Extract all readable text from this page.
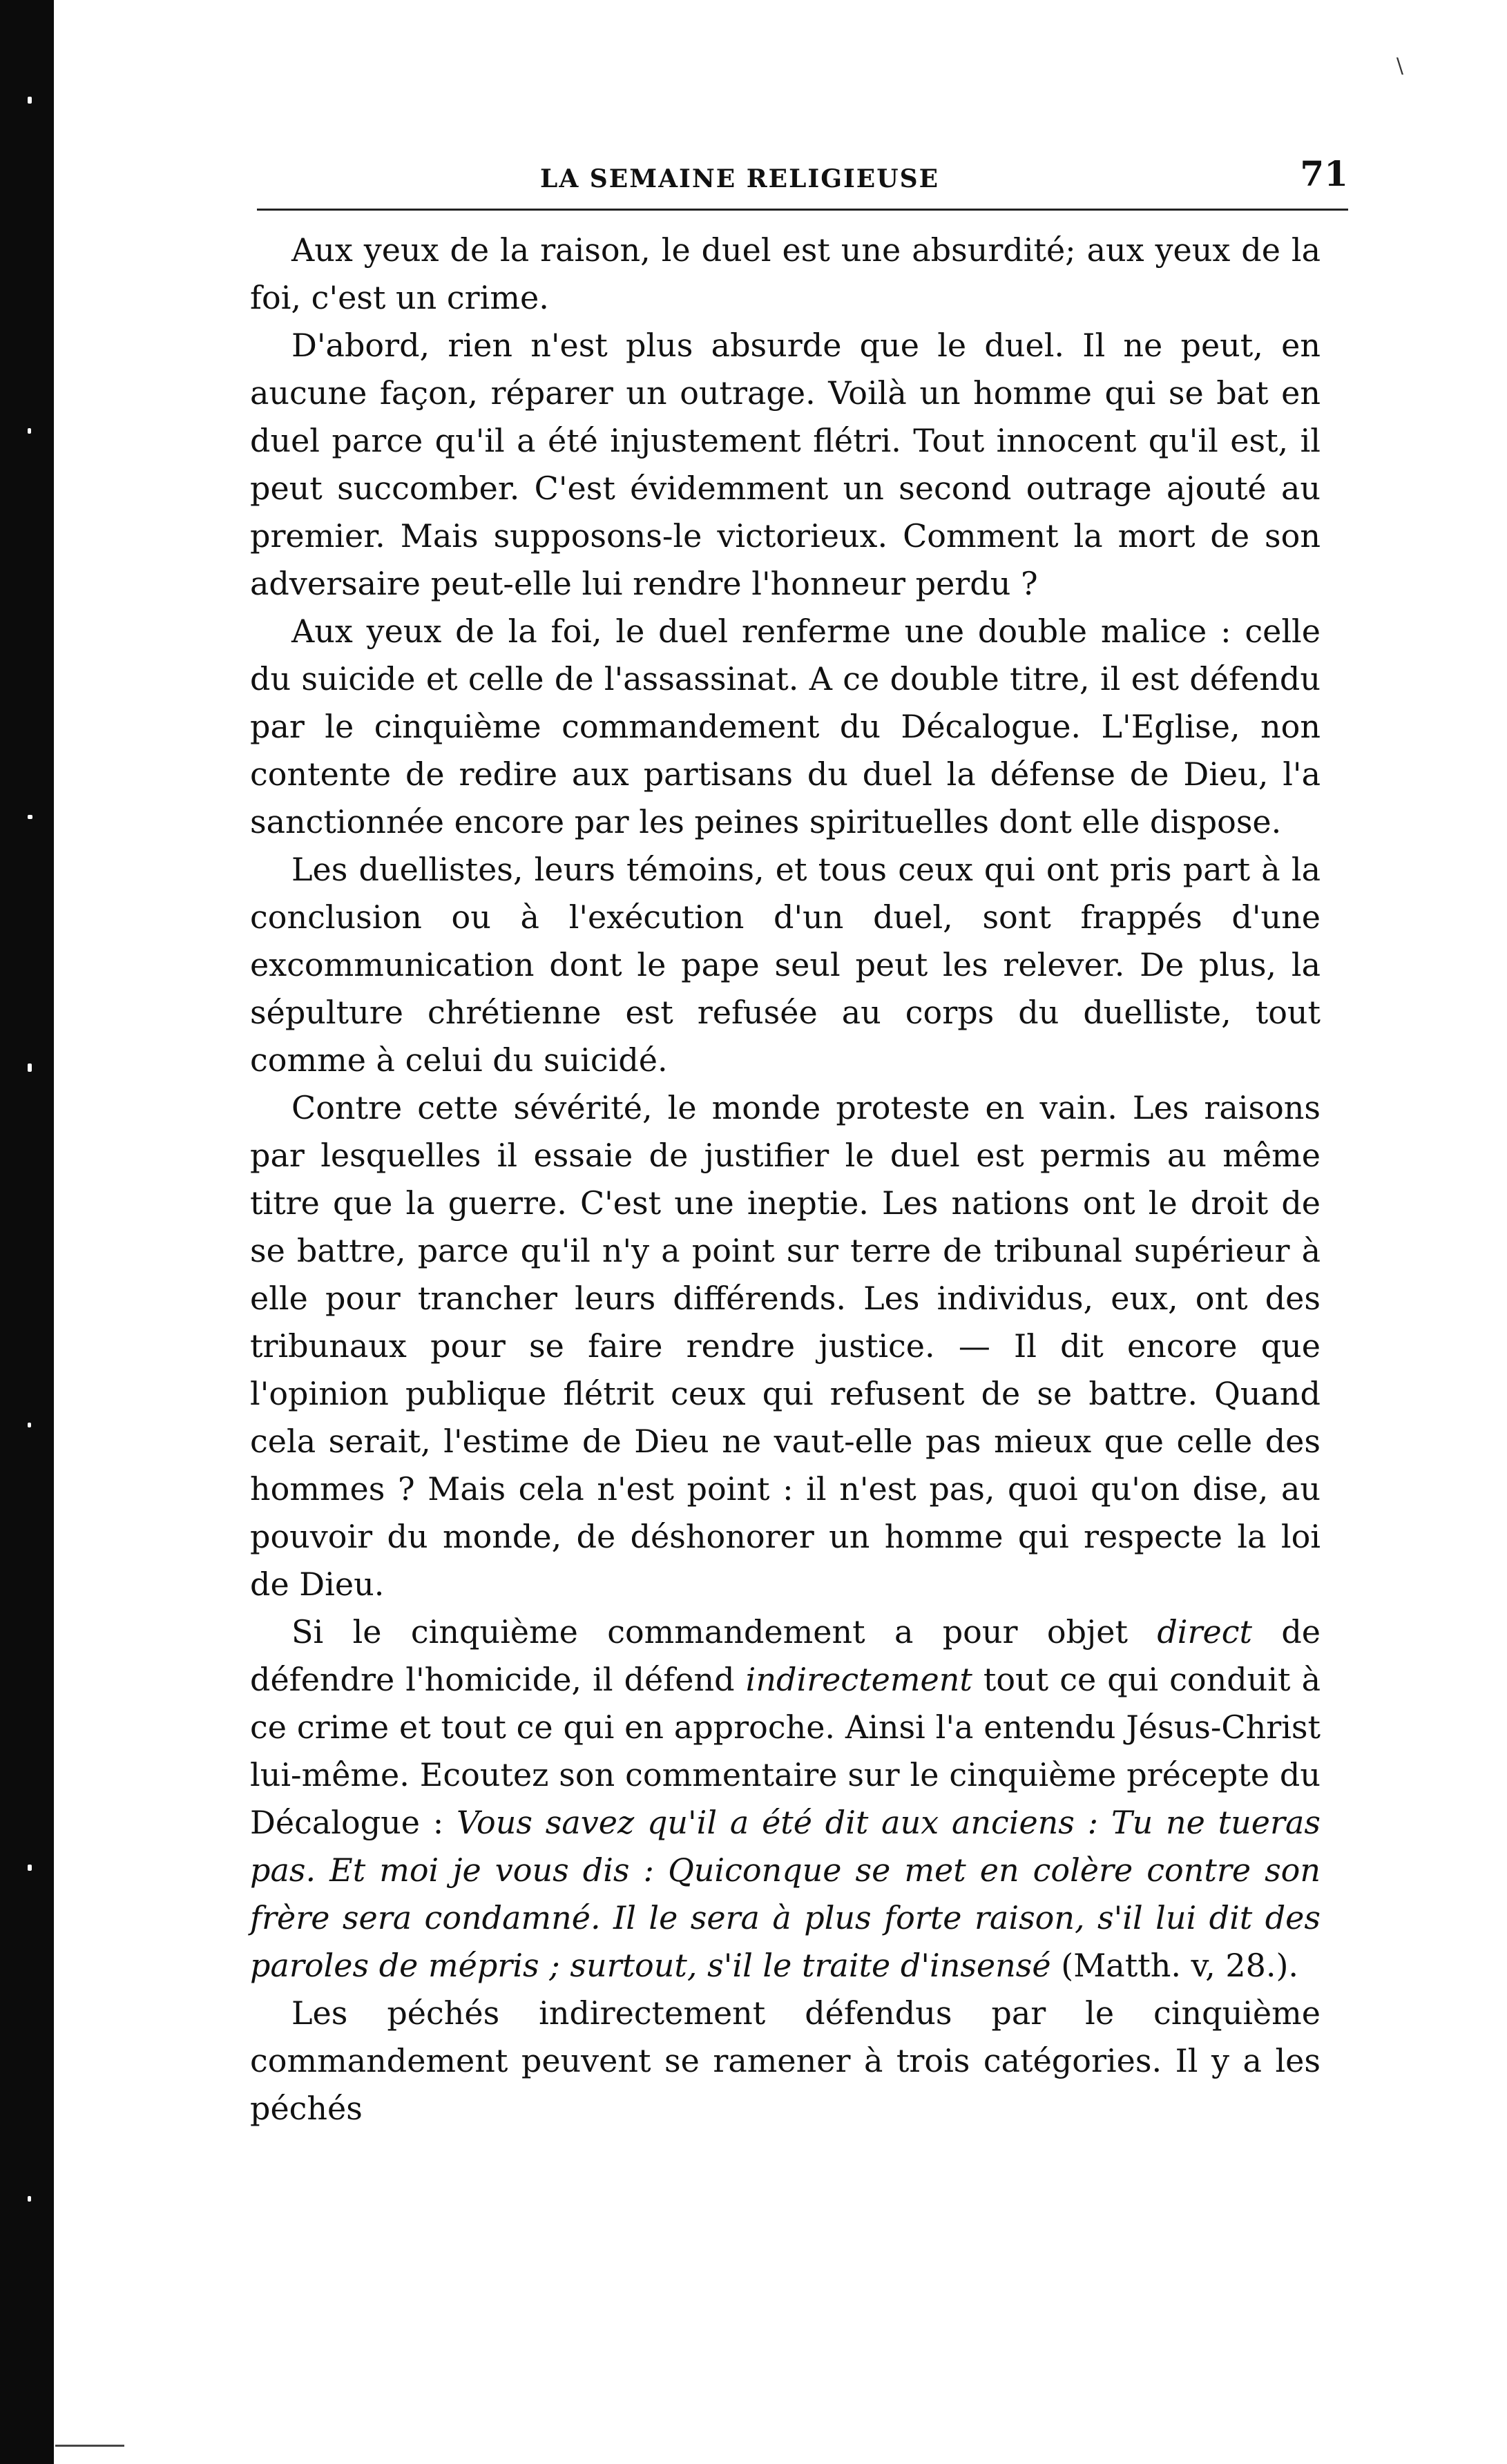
\
LA SEMAINE RELIGIEUSE	71

Aux yeux de la raison, le duel est une absurdité; aux yeux de la foi, c'est un crime.

D'abord, rien n'est plus absurde que le duel. Il ne peut, en aucune façon, réparer un outrage. Voilà un homme qui se bat en duel parce qu'il a été injustement flétri. Tout innocent qu'il est, il peut succomber. C'est évidemment un second outrage ajouté au premier. Mais supposons-le victorieux. Comment la mort de son adversaire peut-elle lui rendre l'honneur perdu ?

Aux yeux de la foi, le duel renferme une double malice : celle du suicide et celle de l'assassinat. A ce double titre, il est défendu par le cinquième commandement du Décalogue. L'Eglise, non contente de redire aux partisans du duel la défense de Dieu, l'a sanctionnée encore par les peines spirituelles dont elle dispose.

Les duellistes, leurs témoins, et tous ceux qui ont pris part à la conclusion ou à l'exécution d'un duel, sont frappés d'une excommunication dont le pape seul peut les relever. De plus, la sépulture chrétienne est refusée au corps du duelliste, tout comme à celui du suicidé.

Contre cette sévérité, le monde proteste en vain. Les raisons par lesquelles il essaie de justifier le duel est permis au même titre que la guerre. C'est une ineptie. Les nations ont le droit de se battre, parce qu'il n'y a point sur terre de tribunal supérieur à elle pour trancher leurs différends. Les individus, eux, ont des tribunaux pour se faire rendre justice. — Il dit encore que l'opinion publique flétrit ceux qui refusent de se battre. Quand cela serait, l'estime de Dieu ne vaut-elle pas mieux que celle des hommes ? Mais cela n'est point : il n'est pas, quoi qu'on dise, au pouvoir du monde, de déshonorer un homme qui respecte la loi de Dieu.

Si le cinquième commandement a pour objet direct de défendre l'homicide, il défend indirectement tout ce qui conduit à ce crime et tout ce qui en approche. Ainsi l'a entendu Jésus-Christ lui-même. Ecoutez son commentaire sur le cinquième précepte du Décalogue : Vous savez qu'il a été dit aux anciens : Tu ne tueras pas. Et moi je vous dis : Quiconque se met en colère contre son frère sera condamné. Il le sera à plus forte raison, s'il lui dit des paroles de mépris ; surtout, s'il le traite d'insensé (Matth. v, 28.).

Les péchés indirectement défendus par le cinquième commandement peuvent se ramener à trois catégories. Il y a les péchés
